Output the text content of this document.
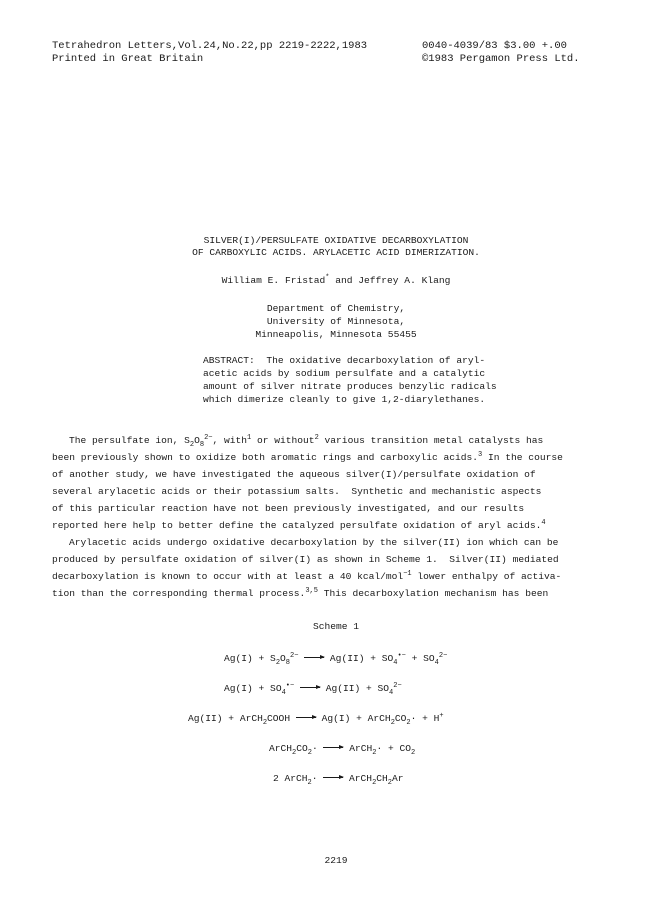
Tetrahedron Letters,Vol.24,No.22,pp 2219-2222,1983	0040-4039/83 $3.00 +.00
Printed in Great Britain	©1983 Pergamon Press Ltd.
SILVER(I)/PERSULFATE OXIDATIVE DECARBOXYLATION
OF CARBOXYLIC ACIDS. ARYLACETIC ACID DIMERIZATION.
William E. Fristad* and Jeffrey A. Klang
Department of Chemistry,
University of Minnesota,
Minneapolis, Minnesota 55455
ABSTRACT:  The oxidative decarboxylation of aryl-
acetic acids by sodium persulfate and a catalytic
amount of silver nitrate produces benzylic radicals
which dimerize cleanly to give 1,2-diarylethanes.
The persulfate ion, $S_2O_8^{2-}$, with$^1$ or without$^2$ various transition metal catalysts has
been previously shown to oxidize both aromatic rings and carboxylic acids.$^3$ In the course
of another study, we have investigated the aqueous silver(I)/persulfate oxidation of
several arylacetic acids or their potassium salts.  Synthetic and mechanistic aspects
of this particular reaction have not been previously investigated, and our results
reported here help to better define the catalyzed persulfate oxidation of aryl acids.$^4$
Arylacetic acids undergo oxidative decarboxylation by the silver(II) ion which can be
produced by persulfate oxidation of silver(I) as shown in Scheme 1.  Silver(II) mediated
decarboxylation is known to occur with at least a 40 kcal/mol$^{-1}$ lower enthalpy of activa-
tion than the corresponding thermal process.$^{3,5}$ This decarboxylation mechanism has been
Scheme 1
$Ag(I) + S_2O_8^{2-} \to Ag(II) + SO_4^{•-} + SO_4^{2-}$
$Ag(I) + SO_4^{•-} \to Ag(II) + SO_4^{2-}$
Ag(II) + ArCH$_2$COOH → $Ag(I) + ArCH_2CO_2\cdot + H^+$
$ArCH_2CO_2\cdot$ → ArCH$_2$· + $CO_2$
2 ArCH$_2$· → $ArCH_2CH_2Ar$
2219
